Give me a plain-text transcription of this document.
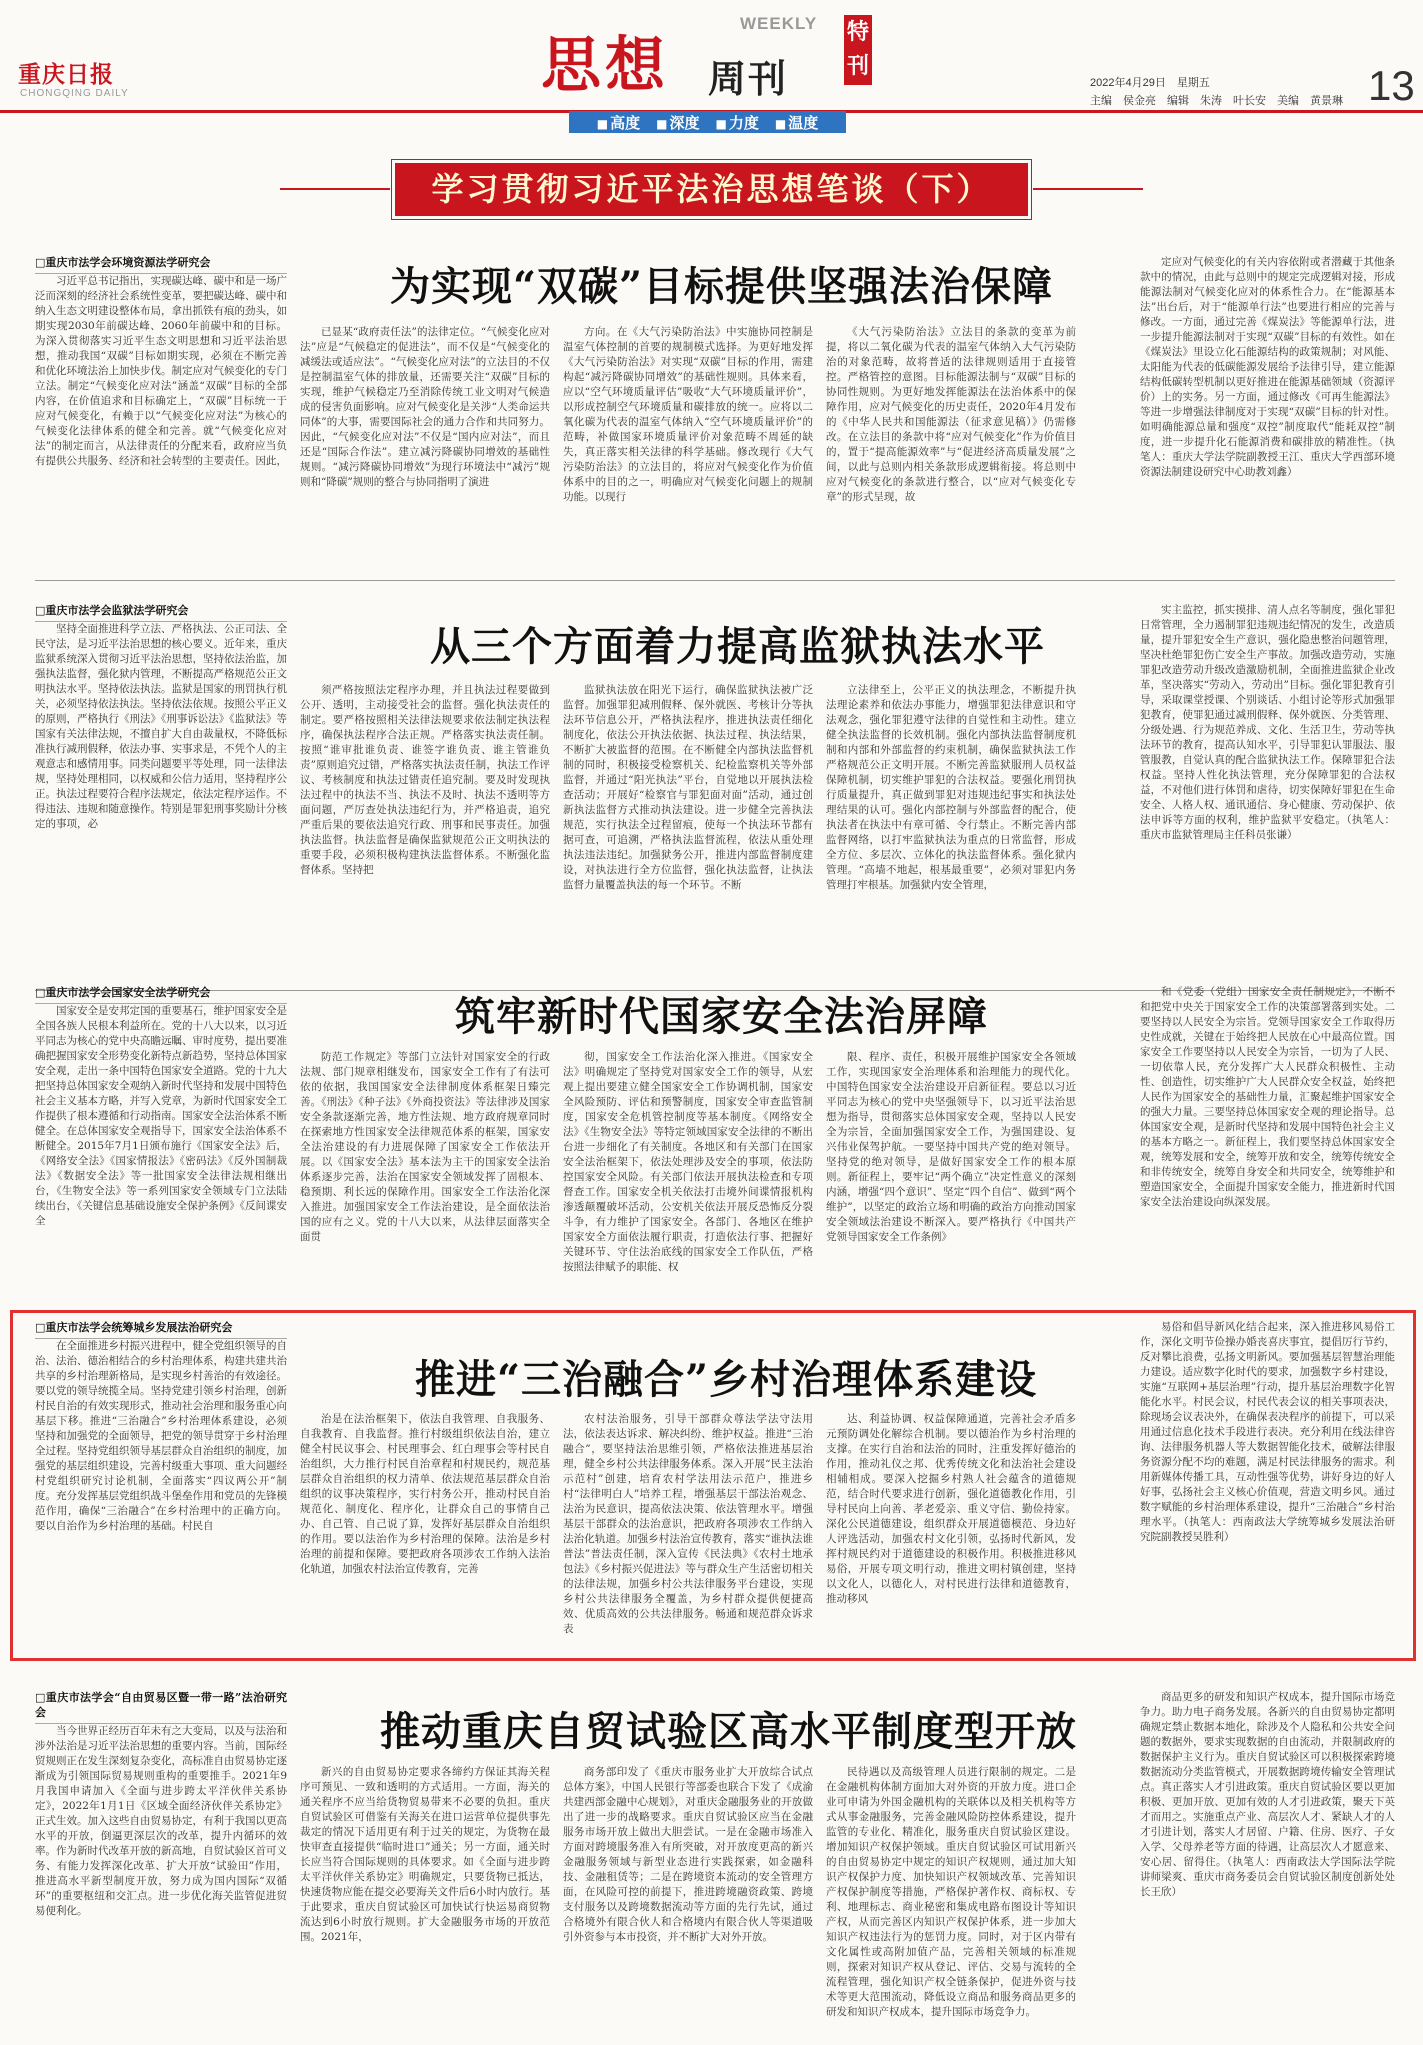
重庆日报
CHONGQING DAILY
WEEKLY
思想 周刊
特刊
2022年4月29日　星期五
主编　侯金亮　编辑　朱涛　叶长安　美编　黄景琳 13
■ 高度 ■ 深度 ■ 力度 ■ 温度
学习贯彻习近平法治思想笔谈（下）
为实现“双碳”目标提供坚强法治保障

□重庆市法学会环境资源法学研究会

习近平总书记指出，实现碳达峰、碳中和是一场广泛而深刻的经济社会系统性变革，要把碳达峰、碳中和纳入生态文明建设整体布局，拿出抓铁有痕的劲头，如期实现2030年前碳达峰、2060年前碳中和的目标。为深入贯彻落实习近平生态文明思想和习近平法治思想，推动我国“双碳”目标如期实现，必须在不断完善和优化环境法治上加快步伐。制定应对气候变化的专门立法。制定“气候变化应对法”涵盖“双碳”目标的全部内容，在价值追求和目标确定上，“双碳”目标统一于应对气候变化，有赖于以“气候变化应对法”为核心的气候变化法律体系的健全和完善。就“气候变化应对法”的制定而言，从法律责任的分配来看，政府应当负有提供公共服务、经济和社会转型的主要责任。因此，

已显某“政府责任法”的法律定位。“气候变化应对法”应是“气候稳定的促进法”，而不仅是“气候变化的减缓法或适应法”。“气候变化应对法”的立法目的不仅是控制温室气体的排放量，还需要关注“双碳”目标的实现，维护气候稳定乃至消除传统工业文明对气候造成的侵害负面影响。应对气候变化是关涉“人类命运共同体”的大事，需要国际社会的通力合作和共同努力。因此，“气候变化应对法”不仅是“国内应对法”，而且还是“国际合作法”。建立减污降碳协同增效的基础性规则。“减污降碳协同增效”为现行环境法中“减污”规则和“降碳”规则的整合与协同指明了演进

方向。在《大气污染防治法》中实施协同控制是温室气体控制的首要的规制模式选择。为更好地发挥《大气污染防治法》对实现“双碳”目标的作用，需建构起“减污降碳协同增效”的基础性规则。具体来看，应以“空气环境质量评估”吸收“大气环境质量评价”，以形成控制空气环境质量和碳排放的统一。应将以二氧化碳为代表的温室气体纳入“空气环境质量评价”的范畴，补做国家环境质量评价对象范畴不周延的缺失，真正落实相关法律的科学基础。修改现行《大气污染防治法》的立法目的，将应对气候变化作为价值体系中的目的之一，明确应对气候变化问题上的规制功能。以现行

《大气污染防治法》立法目的条款的变革为前提，将以二氧化碳为代表的温室气体纳入大气污染防治的对象范畴，故将普适的法律规则适用于直接管控。严格管控的意图。目标能源法制与“双碳”目标的协同性规则。为更好地发挥能源法在法治体系中的保障作用，应对气候变化的历史责任，2020年4月发布的《中华人民共和国能源法（征求意见稿）》仍需修改。在立法目的条款中将“应对气候变化”作为价值目的，置于“提高能源效率”与“促进经济高质量发展”之间，以此与总则内相关条款形成逻辑衔接。将总则中应对气候变化的条款进行整合，以“应对气候变化专章”的形式呈现，故

定应对气候变化的有关内容依附或者潜藏于其他条款中的情况，由此与总则中的规定完成逻辑对接，形成能源法制对气候变化应对的体系性合力。在“能源基本法”出台后，对于“能源单行法”也要进行相应的完善与修改。一方面，通过完善《煤炭法》等能源单行法，进一步提升能源法制对于实现“双碳”目标的有效性。如在《煤炭法》里设立化石能源结构的政策规制；对风能、太阳能为代表的低碳能源发展给予法律引导，建立能源结构低碳转型机制以更好推进在能源基础领域（资源评价）上的实务。另一方面，通过修改《可再生能源法》等进一步增强法律制度对于实现“双碳”目标的针对性。如明确能源总量和强度“双控”制度取代“能耗双控”制度，进一步提升化石能源消费和碳排放的精准性。（执笔人：重庆大学法学院副教授王江、重庆大学西部环境资源法制建设研究中心助教刘鑫）

从三个方面着力提高监狱执法水平

□重庆市法学会监狱法学研究会

坚持全面推进科学立法、严格执法、公正司法、全民守法，是习近平法治思想的核心要义。近年来，重庆监狱系统深入贯彻习近平法治思想，坚持依法治监，加强执法监督，强化狱内管理，不断提高严格规范公正文明执法水平。坚持依法执法。监狱是国家的刑罚执行机关，必须坚持依法执法。坚持依法依规。按照公平正义的原则，严格执行《刑法》《刑事诉讼法》《监狱法》等国家有关法律法规，不擅自扩大自由裁量权，不降低标准执行减刑假释，依法办事、实事求是，不凭个人的主观意志和感情用事。同类问题要平等处理，同一法律法规，坚持处理相同，以权威和公信力适用，坚持程序公正。执法过程要符合程序法规定，依法定程序运作。不得违法、违规和随意操作。特别是罪犯刑事奖励计分核定的事项，必

须严格按照法定程序办理，并且执法过程要做到公开、透明，主动接受社会的监督。强化执法责任的制定。要严格按照相关法律法规要求依法制定执法程序，确保执法程序合法正规。严格落实执法责任制。按照“谁审批谁负责、谁签字谁负责、谁主管谁负责”原则追究过错，严格落实执法责任制，执法工作评议、考核制度和执法过错责任追究制。要及时发现执法过程中的执法不当、执法不及时、执法不透明等方面问题，严厉查处执法违纪行为，并严格追责，追究严重后果的要依法追究行政、刑事和民事责任。加强执法监督。执法监督是确保监狱规范公正文明执法的重要手段，必须积极构建执法监督体系。不断强化监督体系。坚持把

监狱执法放在阳光下运行，确保监狱执法被广泛监督。加强罪犯减刑假释、保外就医、考核计分等执法环节信息公开，严格执法程序，推进执法责任细化制度化，依法公开执法依据、执法过程、执法结果，不断扩大被监督的范围。在不断健全内部执法监督机制的同时，积极接受检察机关、纪检监察机关等外部监督，并通过“阳光执法”平台，自觉地以开展执法检查活动；开展好“检察官与罪犯面对面”活动，通过创新执法监督方式推动执法建设。进一步健全完善执法规范，实行执法全过程留痕，使每一个执法环节都有据可查，可追溯，严格执法监督流程，依法从重处理执法违法违纪。加强狱务公开，推进内部监督制度建设，对执法进行全方位监督，强化执法监督，让执法监督力量覆盖执法的每一个环节。不断

立法律至上，公平正义的执法理念，不断提升执法理论素养和依法办事能力，增强罪犯法律意识和守法观念，强化罪犯遵守法律的自觉性和主动性。建立健全执法监督的长效机制。强化内部执法监督制度机制和内部和外部监督的约束机制，确保监狱执法工作严格规范公正文明开展。不断完善监狱服刑人员权益保障机制，切实维护罪犯的合法权益。要强化刑罚执行质量提升，真正做到罪犯对违规违纪事实和执法处理结果的认可。强化内部控制与外部监督的配合，使执法者在执法中有章可循、令行禁止。不断完善内部监督网络，以打牢监狱执法为重点的日常监督，形成全方位、多层次、立体化的执法监督体系。强化狱内管理。“高墙不地起，根基最重要”，必须对罪犯内务管理打牢根基。加强狱内安全管理，

实主监控，抓实摸排、清人点名等制度，强化罪犯日常管理，全力遏制罪犯违规违纪情况的发生，改造质量，提升罪犯安全生产意识，强化隐患整治问题管理，坚决杜绝罪犯伤亡安全生产事故。加强改造劳动，实施罪犯改造劳动升级改造激励机制，全面推进监狱企业改革，坚决落实“劳动入，劳动出”目标。强化罪犯教育引导，采取课堂授课、个别谈话、小组讨论等形式加强罪犯教育，使罪犯通过减刑假释、保外就医、分类管理、分级处遇、行为规范养成、文化、生活卫生，劳动等执法环节的教育，提高认知水平，引导罪犯认罪服法、服管服教，自觉认真的配合监狱执法工作。保障罪犯合法权益。坚持人性化执法管理，充分保障罪犯的合法权益，不对他们进行体罚和虐待，切实保障好罪犯在生命安全、人格人权、通讯通信、身心健康、劳动保护、依法申诉等方面的权利，维护监狱平安稳定。（执笔人：重庆市监狱管理局主任科员张谦）

筑牢新时代国家安全法治屏障

□重庆市法学会国家安全法学研究会

国家安全是安邦定国的重要基石，维护国家安全是全国各族人民根本利益所在。党的十八大以来，以习近平同志为核心的党中央高瞻远瞩、审时度势，提出要准确把握国家安全形势变化新特点新趋势，坚持总体国家安全观，走出一条中国特色国家安全道路。党的十九大把坚持总体国家安全观纳入新时代坚持和发展中国特色社会主义基本方略，并写入党章，为新时代国家安全工作提供了根本遵循和行动指南。国家安全法治体系不断健全。在总体国家安全观指导下，国家安全法治体系不断健全。2015年7月1日颁布施行《国家安全法》后，《网络安全法》《国家情报法》《密码法》《反外国制裁法》《数据安全法》等一批国家安全法律法规相继出台，《生物安全法》等一系列国家安全领域专门立法陆续出台，《关键信息基础设施安全保护条例》《反间谍安全

防范工作规定》等部门立法针对国家安全的行政法规、部门规章相继发布，国家安全工作有了有法可依的依据，我国国家安全法律制度体系框架日臻完善。《刑法》《种子法》《外商投资法》等法律涉及国家安全条款逐渐完善，地方性法规、地方政府规章同时在探索地方性国家安全法律规范体系的框架，国家安全法治建设的有力进展保障了国家安全工作依法开展。以《国家安全法》基本法为主干的国家安全法治体系逐步完善，法治在国家安全领域发挥了固根本、稳预期、利长远的保障作用。国家安全工作法治化深入推进。加强国家安全工作法治建设，是全面依法治国的应有之义。党的十八大以来，从法律层面落实全面贯

彻，国家安全工作法治化深入推进。《国家安全法》明确规定了坚持党对国家安全工作的领导，从宏观上提出要建立健全国家安全工作协调机制，国家安全风险预防、评估和预警制度，国家安全审查监管制度，国家安全危机管控制度等基本制度。《网络安全法》《生物安全法》等特定领域国家安全法律的不断出台进一步细化了有关制度。各地区和有关部门在国家安全法治框架下，依法处理涉及安全的事项，依法防控国家安全风险。有关部门依法开展执法检查和专项督查工作。国家安全机关依法打击境外间谍情报机构渗透颠覆破坏活动，公安机关依法开展反恐怖反分裂斗争，有力维护了国家安全。各部门、各地区在维护国家安全方面依法履行职责，打造依法行事、把握好关键环节、守住法治底线的国家安全工作队伍，严格按照法律赋予的职能、权

限、程序、责任，积极开展维护国家安全各领域工作，实现国家安全治理体系和治理能力的现代化。中国特色国家安全法治建设开启新征程。要总以习近平同志为核心的党中央坚强领导下，以习近平法治思想为指导，贯彻落实总体国家安全观，坚持以人民安全为宗旨，全面加强国家安全工作，为强国建设、复兴伟业保驾护航。一要坚持中国共产党的绝对领导。坚持党的绝对领导，是做好国家安全工作的根本原则。新征程上，要牢记“两个确立”决定性意义的深刻内涵，增强“四个意识”、坚定“四个自信”、做到“两个维护”，以坚定的政治立场和明确的政治方向推动国家安全领域法治建设不断深入。要严格执行《中国共产党领导国家安全工作条例》

和《党委（党组）国家安全责任制规定》，不断不和把党中央关于国家安全工作的决策部署落到实处。二要坚持以人民安全为宗旨。党领导国家安全工作取得历史性成就，关键在于始终把人民放在心中最高位置。国家安全工作要坚持以人民安全为宗旨，一切为了人民、一切依靠人民，充分发挥广大人民群众积极性、主动性、创造性，切实维护广大人民群众安全权益，始终把人民作为国家安全的基础性力量，汇聚起维护国家安全的强大力量。三要坚持总体国家安全观的理论指导。总体国家安全观，是新时代坚持和发展中国特色社会主义的基本方略之一。新征程上，我们要坚持总体国家安全观，统筹发展和安全，统筹开放和安全，统筹传统安全和非传统安全，统筹自身安全和共同安全，统筹维护和塑造国家安全，全面提升国家安全能力，推进新时代国家安全法治建设向纵深发展。

推进“三治融合”乡村治理体系建设

□重庆市法学会统筹城乡发展法治研究会

在全面推进乡村振兴进程中，健全党组织领导的自治、法治、德治相结合的乡村治理体系，构建共建共治共享的乡村治理新格局，是实现乡村善治的有效途径。要以党的领导统揽全局。坚持党建引领乡村治理，创新村民自治的有效实现形式，推动社会治理和服务重心向基层下移。推进“三治融合”乡村治理体系建设，必须坚持和加强党的全面领导，把党的领导贯穿于乡村治理全过程。坚持党组织领导基层群众自治组织的制度，加强党的基层组织建设，完善村级重大事项、重大问题经村党组织研究讨论机制，全面落实“四议两公开”制度。充分发挥基层党组织战斗堡垒作用和党员的先锋模范作用，确保“三治融合”在乡村治理中的正确方向。要以自治作为乡村治理的基础。村民自

治是在法治框架下，依法自我管理、自我服务、自我教育、自我监督。推行村级组织依法自治，建立健全村民议事会、村民理事会、红白理事会等村民自治组织，大力推行村民自治章程和村规民约，规范基层群众自治组织的权力清单、依法规范基层群众自治组织的议事决策程序，实行村务公开，推动村民自治规范化、制度化、程序化，让群众自己的事情自己办、自己管、自己说了算，发挥好基层群众自治组织的作用。要以法治作为乡村治理的保障。法治是乡村治理的前提和保障。要把政府各项涉农工作纳入法治化轨道，加强农村法治宣传教育，完善

农村法治服务，引导干部群众尊法学法守法用法，依法表达诉求、解决纠纷、维护权益。推进“三治融合”，要坚持法治思维引领，严格依法推进基层治理，健全乡村公共法律服务体系。深入开展“民主法治示范村”创建，培育农村学法用法示范户，推进乡村“法律明白人”培养工程，增强基层干部法治观念、法治为民意识，提高依法决策、依法管理水平。增强基层干部群众的法治意识，把政府各项涉农工作纳入法治化轨道。加强乡村法治宣传教育，落实“谁执法谁普法”普法责任制，深入宣传《民法典》《农村土地承包法》《乡村振兴促进法》等与群众生产生活密切相关的法律法规，加强乡村公共法律服务平台建设，实现乡村公共法律服务全覆盖，为乡村群众提供便捷高效、优质高效的公共法律服务。畅通和规范群众诉求表

达、利益协调、权益保障通道，完善社会矛盾多元预防调处化解综合机制。要以德治作为乡村治理的支撑。在实行自治和法治的同时，注重发挥好德治的作用，推动礼仪之邦、优秀传统文化和法治社会建设相辅相成。要深入挖掘乡村熟人社会蕴含的道德规范，结合时代要求进行创新，强化道德教化作用，引导村民向上向善、孝老爱亲、重义守信、勤俭持家。深化公民道德建设，组织群众开展道德模范、身边好人评选活动，加强农村文化引领，弘扬时代新风，发挥村规民约对于道德建设的积极作用。积极推进移风易俗，开展专项文明行动，推进文明村镇创建，坚持以文化人，以德化人，对村民进行法律和道德教育，推动移风

易俗和倡导新风化结合起来，深入推进移风易俗工作，深化文明节俭操办婚丧喜庆事宜，提倡厉行节约，反对攀比浪费，弘扬文明新风。要加强基层智慧治理能力建设。适应数字化时代的要求，加强数字乡村建设，实施“互联网+基层治理”行动，提升基层治理数字化智能化水平。村民会议，村民代表会议的相关事项表决，除现场会议表决外，在确保表决程序的前提下，可以采用通过信息化技术手段进行表决。充分利用在线法律咨询、法律服务机器人等大数据智能化技术，破解法律服务资源分配不均的难题，满足村民法律服务的需求。利用新媒体传播工具，互动性强等优势，讲好身边的好人好事，弘扬社会主义核心价值观，营造文明乡风。通过数字赋能的乡村治理体系建设，提升“三治融合”乡村治理水平。（执笔人：西南政法大学统筹城乡发展法治研究院副教授吴胜利）

推动重庆自贸试验区高水平制度型开放

□重庆市法学会“自由贸易区暨一带一路”法治研究会

当今世界正经历百年未有之大变局，以及与法治和涉外法治是习近平法治思想的重要内容。当前，国际经贸规则正在发生深刻复杂变化，高标准自由贸易协定逐渐成为引领国际贸易规则重构的重要推手。2021年9月我国申请加入《全面与进步跨太平洋伙伴关系协定》，2022年1月1日《区域全面经济伙伴关系协定》正式生效。加入这些自由贸易协定，有利于我国以更高水平的开放，倒逼更深层次的改革，提升内循环的效率。作为新时代改革开放的新高地，自贸试验区首可义务、有能力发挥深化改革、扩大开放“试验田”作用，推进高水平新型制度开放，努力成为国内国际“双循环”的重要枢纽和交汇点。进一步优化海关监管促进贸易便利化。

新兴的自由贸易协定要求各缔约方保证其海关程序可预见、一致和透明的方式适用。一方面，海关的通关程序不应当给货物贸易带来不必要的负担。重庆自贸试验区可借鉴有关海关在进口运营单位提供事先裁定的情况下适用更有利于过关的规定，为货物在最快审查直接提供“临时进口”通关；另一方面，通关时长应当符合国际规则的具体要求。如《全面与进步跨太平洋伙伴关系协定》明确规定，只要货物已抵达，快速货物应能在提交必要海关文件后6小时内放行。基于此要求，重庆自贸试验区可加快试行快运易商贸物流达到6小时放行规则。扩大金融服务市场的开放范围。2021年，

商务部印发了《重庆市服务业扩大开放综合试点总体方案》，中国人民银行等部委也联合下发了《成渝共建西部金融中心规划》，对重庆金融服务业的开放做出了进一步的战略要求。重庆自贸试验区应当在金融服务市场开放上做出大胆尝试。一是在金融市场准入方面对跨境服务准入有所突破，对开放度更高的新兴金融服务领域与新型业态进行实践探索，如金融科技、金融租赁等；二是在跨境资本流动的安全管理方面，在风险可控的前提下，推进跨境融资政策、跨境支付服务以及跨境数据流动等方面的先行先试，通过合格境外有限合伙人和合格境内有限合伙人等渠道吸引外资参与本市投资，并不断扩大对外开放。

民待遇以及高级管理人员进行限制的规定。二是在金融机构体制方面加大对外资的开放力度。进口企业可申请为外国金融机构的关联体以及相关机构等方式从事金融服务，完善金融风险防控体系建设，提升监管的专业化、精准化，服务重庆自贸试验区建设。增加知识产权保护领域。重庆自贸试验区可试用新兴的自由贸易协定中规定的知识产权规则，通过加大知识产权保护力度、加快知识产权领域改革、完善知识产权保护制度等措施，严格保护著作权、商标权、专利、地理标志、商业秘密和集成电路布图设计等知识产权，从而完善区内知识产权保护体系，进一步加大知识产权违法行为的惩罚力度。同时，对于区内带有文化属性或高附加值产品，完善相关领域的标准规则，探索对知识产权从登记、评估、交易与流转的全流程管理，强化知识产权全链条保护，促进外资与技术等更大范围流动，降低设立商品和服务商品更多的研发和知识产权成本，提升国际市场竞争力。

商品更多的研发和知识产权成本，提升国际市场竞争力。助力电子商务发展。各新兴的自由贸易协定都明确规定禁止数据本地化，除涉及个人隐私和公共安全问题的数据外，要求实现数据的自由流动，并限制政府的数据保护主义行为。重庆自贸试验区可以积极探索跨境数据流动分类监管模式，开展数据跨境传输安全管理试点。真正落实人才引进政策。重庆自贸试验区要以更加积极、更加开放、更加有效的人才引进政策，聚天下英才而用之。实施重点产业、高层次人才、紧缺人才的人才引进计划，落实人才居留、户籍、住房、医疗、子女入学、父母养老等方面的待遇，让高层次人才愿意来、安心居、留得住。（执笔人：西南政法大学国际法学院讲师梁爽、重庆市商务委员会自贸试验区制度创新处处长王欣）
